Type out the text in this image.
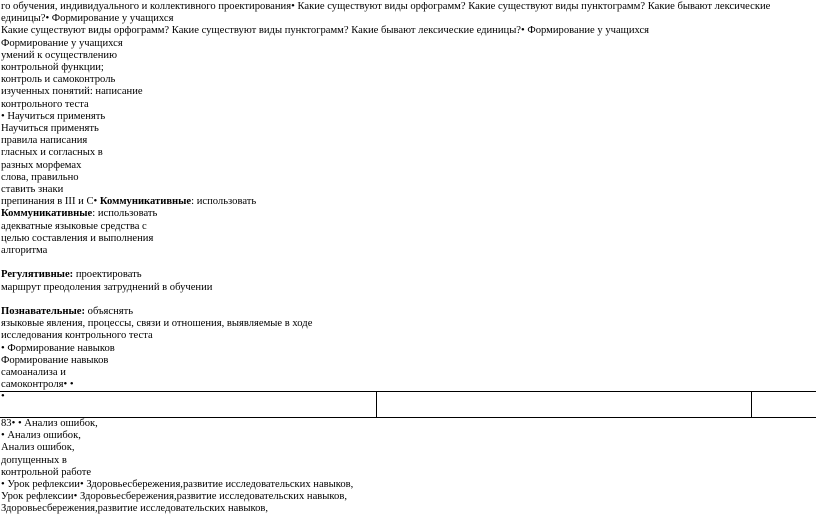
го обучения, индивидуального и коллективного проектирования• Какие существуют виды орфограмм? Какие существуют виды пунктограмм? Какие бывают лексические
единицы?• Формирование у учащихся
Какие существуют виды орфограмм? Какие существуют виды пунктограмм? Какие бывают лексические единицы?• Формирование у учащихся
Формирование у учащихся
умений к осуществлению
контрольной функции;
контроль и самоконтроль
изученных понятий: написание
контрольного теста
• Научиться применять
Научиться применять
правила написания
гласных и согласных в
разных морфемах
слова, правильно
ставить знаки
препинания в III и С• Коммуникативные: использовать
Коммуникативные: использовать
адекватные языковые средства с
целью составления и выполнения
алгоритма
Регулятивные: проектировать
маршрут преодоления затруднений в обучении
Познавательные: объяснять
языковые явления, процессы, связи и отношения, выявляемые в ходе
исследования контрольного теста
• Формирование навыков
Формирование навыков
самоанализа и
самоконтроля• •
•
83• • Анализ ошибок,
• Анализ ошибок,
Анализ ошибок,
допущенных в
контрольной работе
• Урок рефлексии• Здоровьесбережения,развитие исследовательских навыков,
Урок рефлексии• Здоровьесбережения,развитие исследовательских навыков,
Здоровьесбережения,развитие исследовательских навыков,
